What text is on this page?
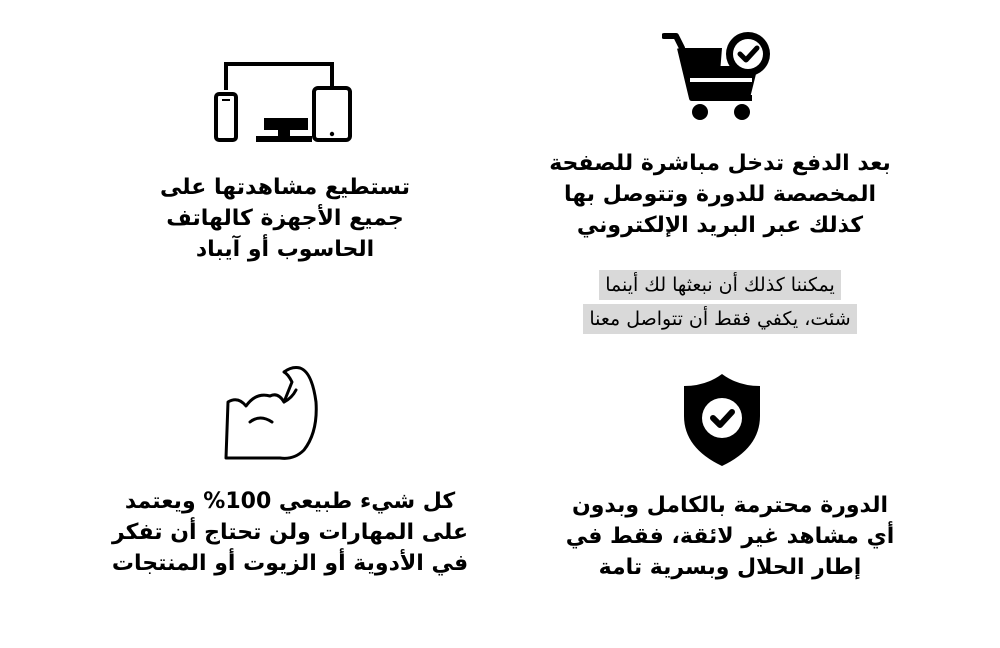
تستطيع مشاهدتها على
جميع الأجهزة كالهاتف
الحاسوب أو آيباد
بعد الدفع تدخل مباشرة للصفحة
المخصصة للدورة وتتوصل بها
كذلك عبر البريد الإلكتروني
يمكننا كذلك أن نبعثها لك أينما
شئت، يكفي فقط أن تتواصل معنا
كل شيء طبيعي 100% ويعتمد
على المهارات ولن تحتاج أن تفكر
في الأدوية أو الزيوت أو المنتجات
الدورة محترمة بالكامل وبدون
أي مشاهد غير لائقة، فقط في
إطار الحلال وبسرية تامة
